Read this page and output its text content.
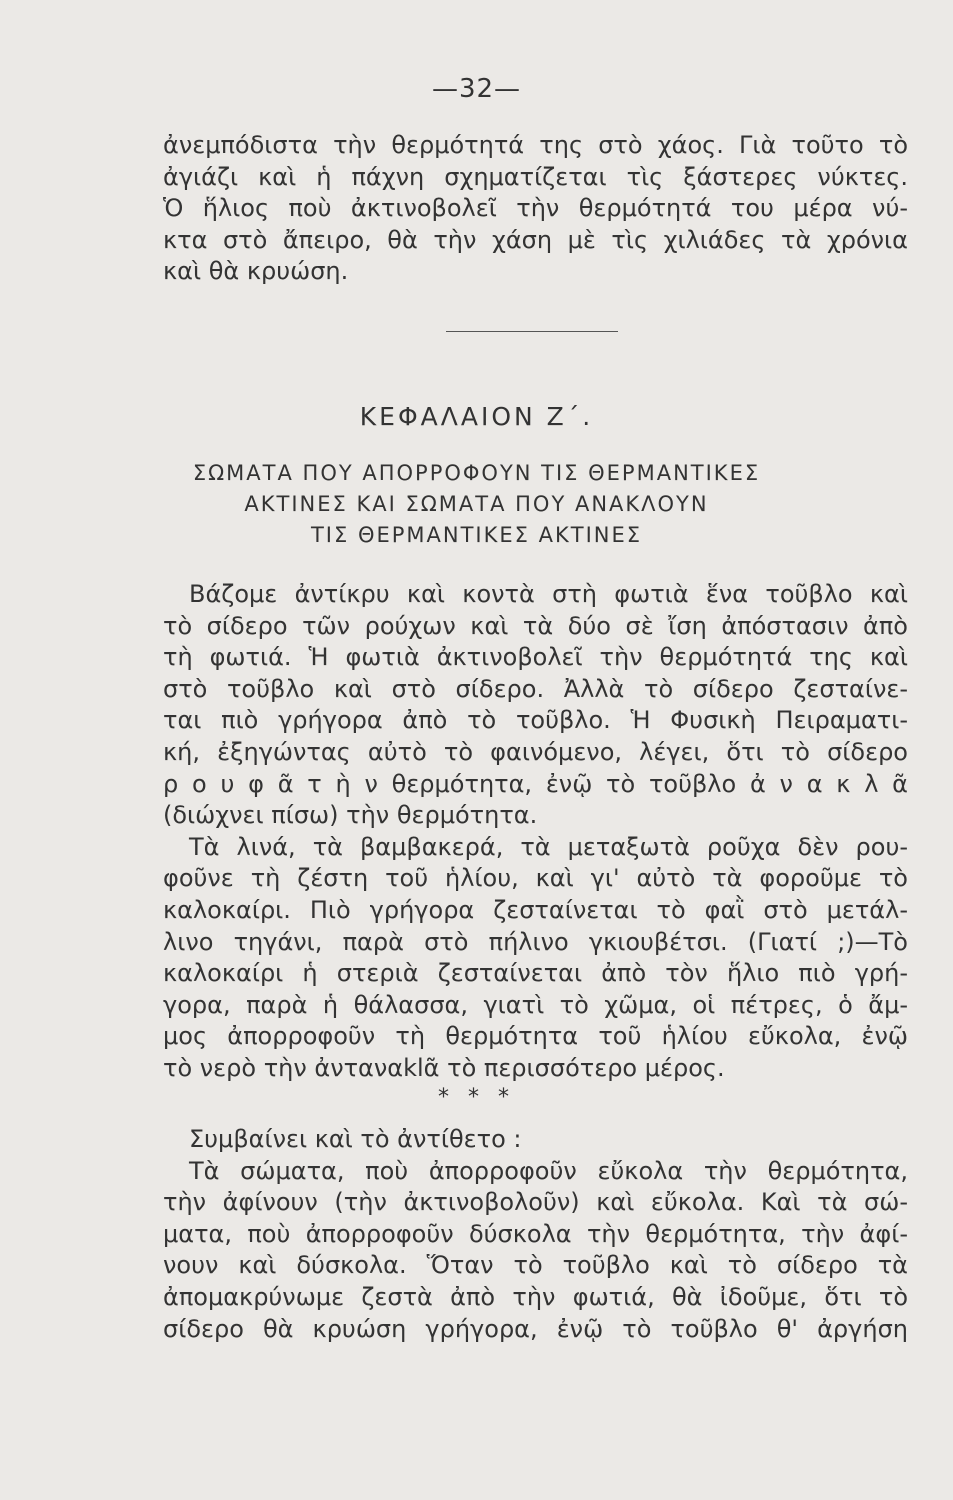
—32—
ἀνεμπόδιστα τὴν θερμότητά της στὸ χάος. Γιὰ τοῦτο τὸ
ἀγιάζι καὶ ἡ πάχνη σχηματίζεται τὶς ξάστερες νύκτες.
Ὁ ἥλιος ποὺ ἀκτινοβολεῖ τὴν θερμότητά του μέρα νύ-
κτα στὸ ἄπειρο, θὰ τὴν χάση μὲ τὶς χιλιάδες τὰ χρόνια
καὶ θὰ κρυώση.
ΚΕΦΑΛΑΙΟΝ Ζ΄.
ΣΩΜΑΤΑ ΠΟΥ ΑΠΟΡΡΟΦΟΥΝ ΤΙΣ ΘΕΡΜΑΝΤΙΚΕΣ
ΑΚΤΙΝΕΣ ΚΑΙ ΣΩΜΑΤΑ ΠΟΥ ΑΝΑΚΛΟΥΝ
ΤΙΣ ΘΕΡΜΑΝΤΙΚΕΣ ΑΚΤΙΝΕΣ
Βάζομε ἀντίκρυ καὶ κοντὰ στὴ φωτιὰ ἕνα τοῦβλο καὶ
τὸ σίδερο τῶν ρούχων καὶ τὰ δύο σὲ ἴση ἀπόστασιν ἀπὸ
τὴ φωτιά. Ἡ φωτιὰ ἀκτινοβολεῖ τὴν θερμότητά της καὶ
στὸ τοῦβλο καὶ στὸ σίδερο. Ἀλλὰ τὸ σίδερο ζεσταίνε-
ται πιὸ γρήγορα ἀπὸ τὸ τοῦβλο. Ἡ Φυσικὴ Πειραματι-
κή, ἐξηγώντας αὐτὸ τὸ φαινόμενο, λέγει, ὅτι τὸ σίδερο
ρ ο υ φ ᾶ τ ὴ ν θερμότητα, ἐνῷ τὸ τοῦβλο ἀ ν α κ λ ᾶ
(διώχνει πίσω) τὴν θερμότητα.
Τὰ λινά, τὰ βαμβακερά, τὰ μεταξωτὰ ροῦχα δὲν ρου-
φοῦνε τὴ ζέστη τοῦ ἡλίου, καὶ γι' αὐτὸ τὰ φοροῦμε τὸ
καλοκαίρι. Πιὸ γρήγορα ζεσταίνεται τὸ φαῒ στὸ μετάλ-
λινο τηγάνι, παρὰ στὸ πήλινο γκιουβέτσι. (Γιατί ;)—Τὸ
καλοκαίρι ἡ στεριὰ ζεσταίνεται ἀπὸ τὸν ἥλιο πιὸ γρή-
γορα, παρὰ ἡ θάλασσα, γιατὶ τὸ χῶμα, οἱ πέτρες, ὁ ἄμ-
μος ἀπορροφοῦν τὴ θερμότητα τοῦ ἡλίου εὔκολα, ἐνῷ
τὸ νερὸ τὴν ἀνταναklᾶ τὸ περισσότερο μέρος.
* * *
Συμβαίνει καὶ τὸ ἀντίθετο :
Τὰ σώματα, ποὺ ἀπορροφοῦν εὔκολα τὴν θερμότητα,
τὴν ἀφίνουν (τὴν ἀκτινοβολοῦν) καὶ εὔκολα. Καὶ τὰ σώ-
ματα, ποὺ ἀπορροφοῦν δύσκολα τὴν θερμότητα, τὴν ἀφί-
νουν καὶ δύσκολα. Ὅταν τὸ τοῦβλο καὶ τὸ σίδερο τὰ
ἀπομακρύνωμε ζεστὰ ἀπὸ τὴν φωτιά, θὰ ἰδοῦμε, ὅτι τὸ
σίδερο θὰ κρυώση γρήγορα, ἐνῷ τὸ τοῦβλο θ' ἀργήση
